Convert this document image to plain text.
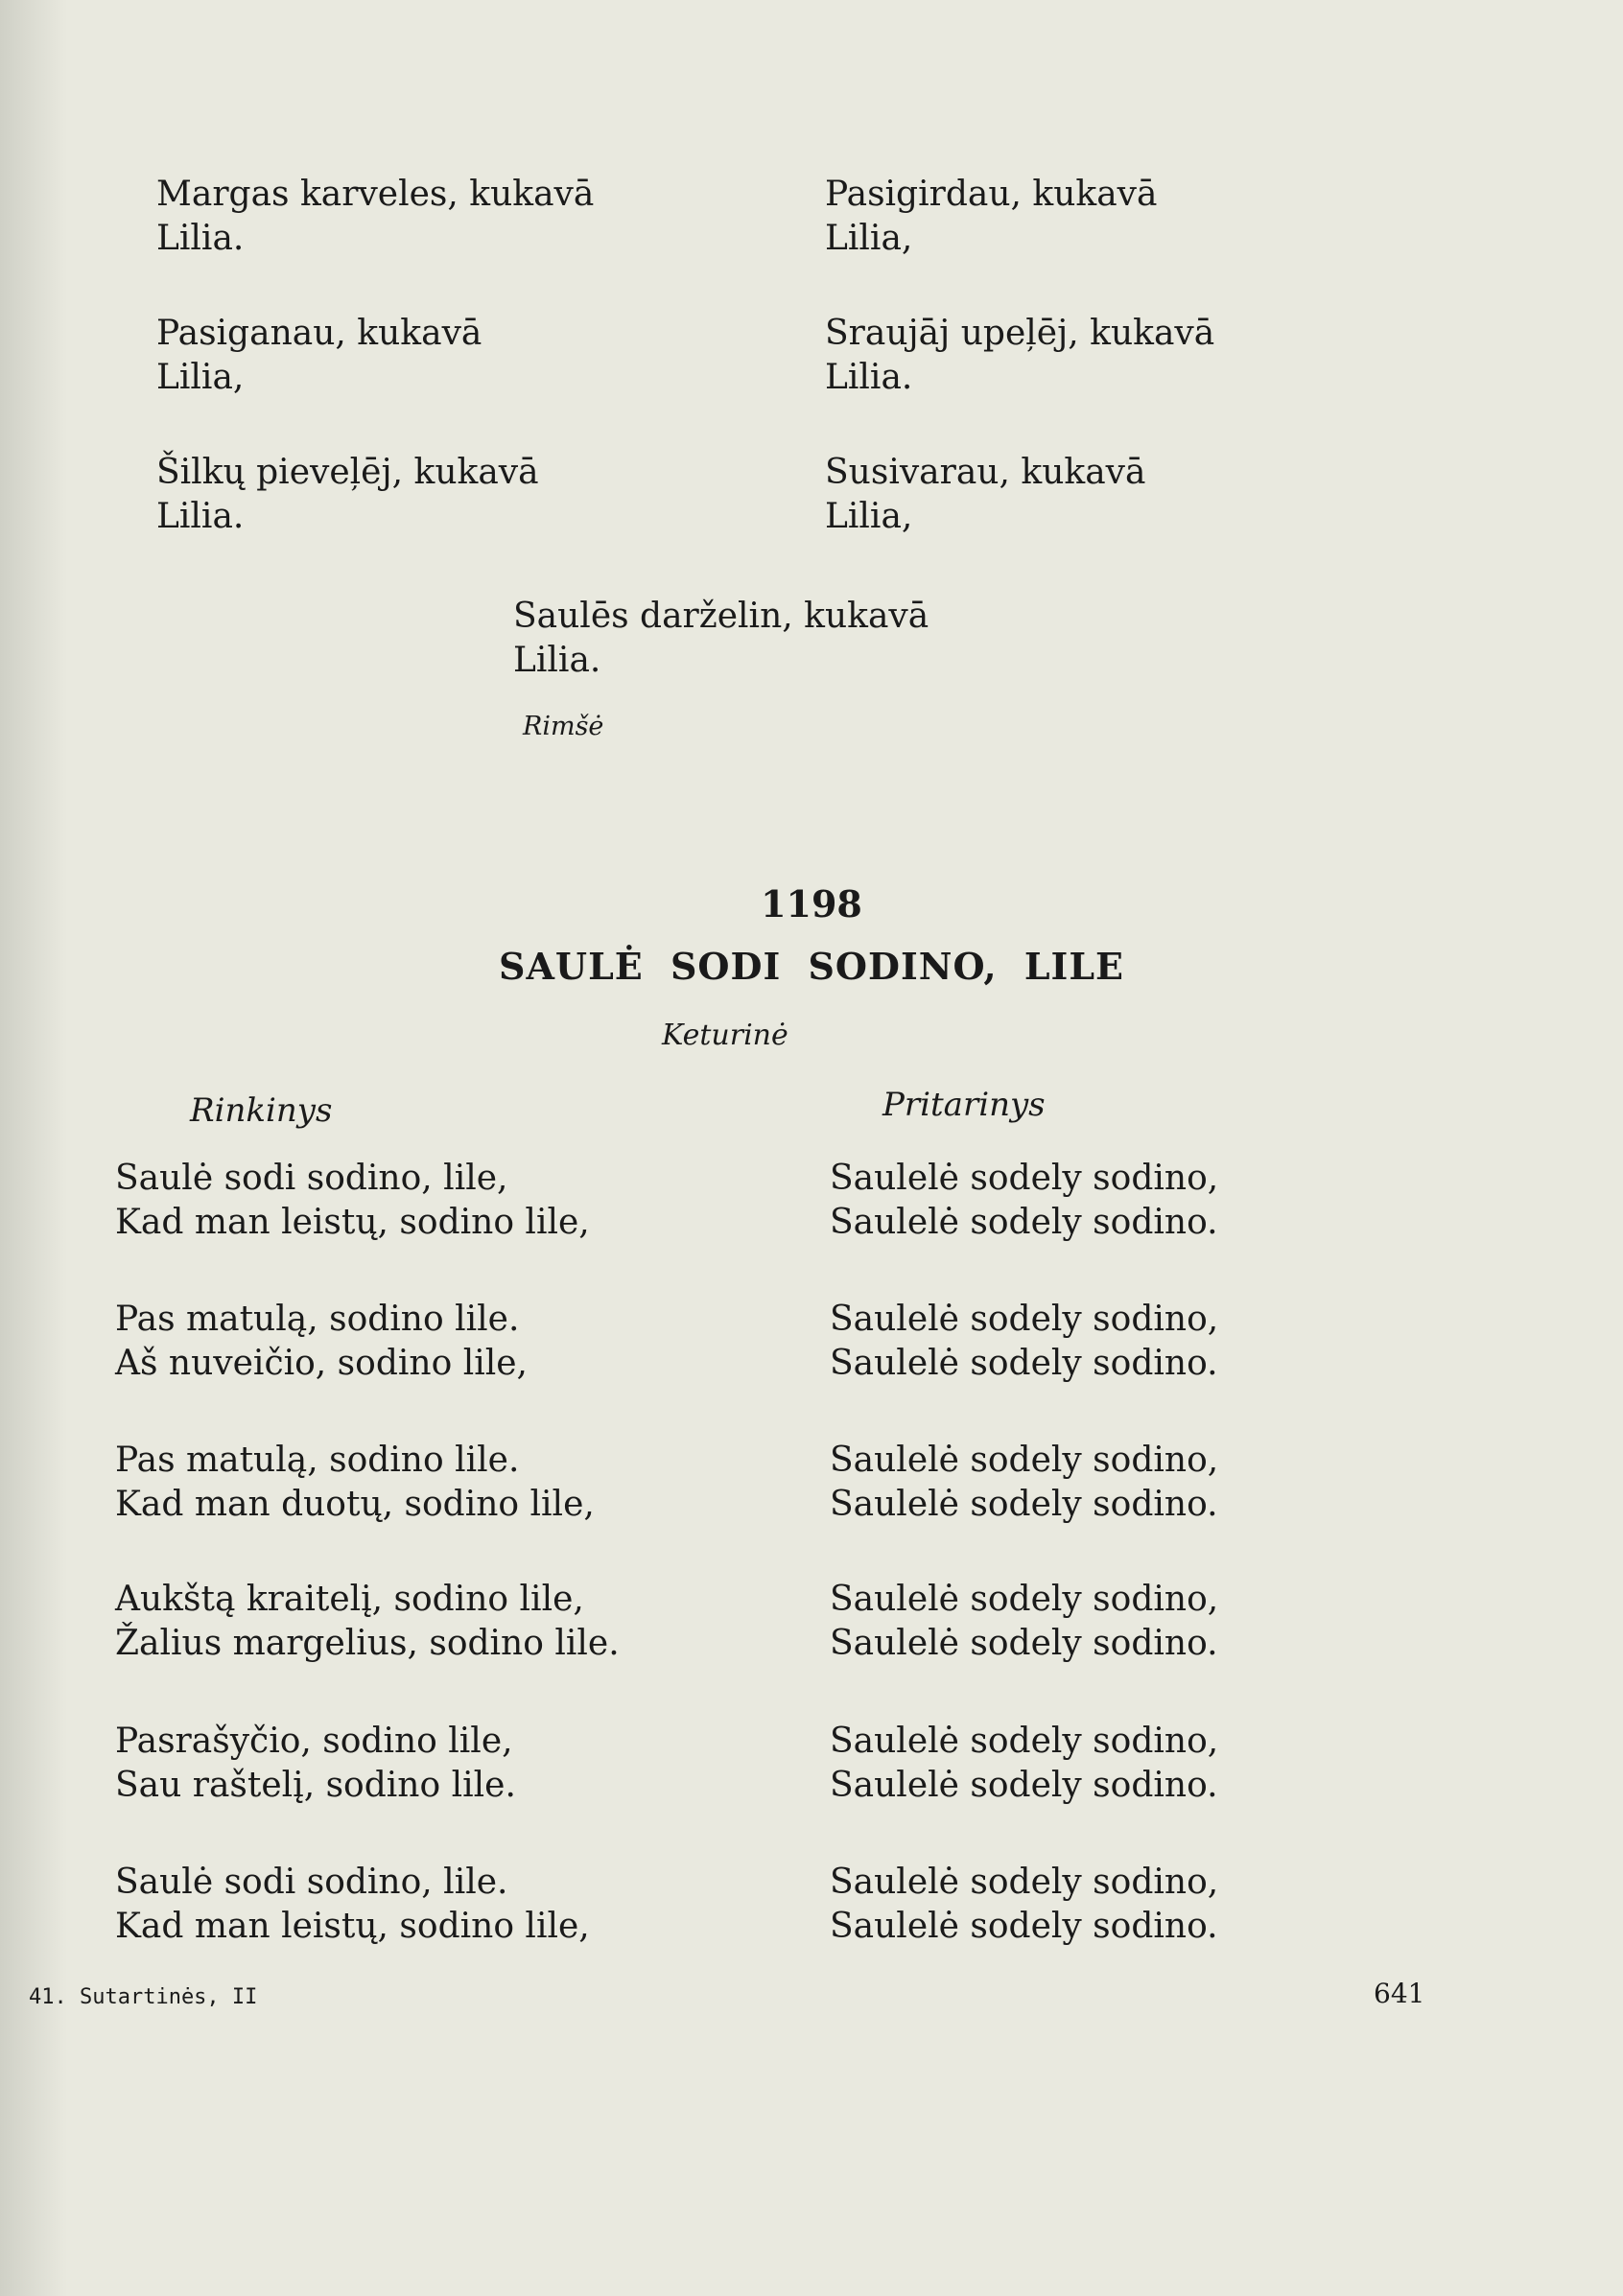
Margas karveles, kukavā
Lilia.
Pasiganau, kukavā
Lilia,
Šilkų pieveļēj, kukavā
Lilia.
Pasigirdau, kukavā
Lilia,
Sraujāj upeļēj, kukavā
Lilia.
Susivarau, kukavā
Lilia,
Saulēs darželin, kukavā
Lilia.
Rimšė
1198
SAULĖ SODI SODINO, LILE
Keturinė
Rinkinys	Pritarinys
Saulė sodi sodino, lile,
Kad man leistų, sodino lile,
Saulelė sodely sodino,
Saulelė sodely sodino.
Pas matulą, sodino lile.
Aš nuveičio, sodino lile,
Saulelė sodely sodino,
Saulelė sodely sodino.
Pas matulą, sodino lile.
Kad man duotų, sodino lile,
Saulelė sodely sodino,
Saulelė sodely sodino.
Aukštą kraitelį, sodino lile,
Žalius margelius, sodino lile.
Saulelė sodely sodino,
Saulelė sodely sodino.
Pasrašyčio, sodino lile,
Sau raštelį, sodino lile.
Saulelė sodely sodino,
Saulelė sodely sodino.
Saulė sodi sodino, lile.
Kad man leistų, sodino lile,
Saulelė sodely sodino,
Saulelė sodely sodino.
41. Sutartinės, II	641
